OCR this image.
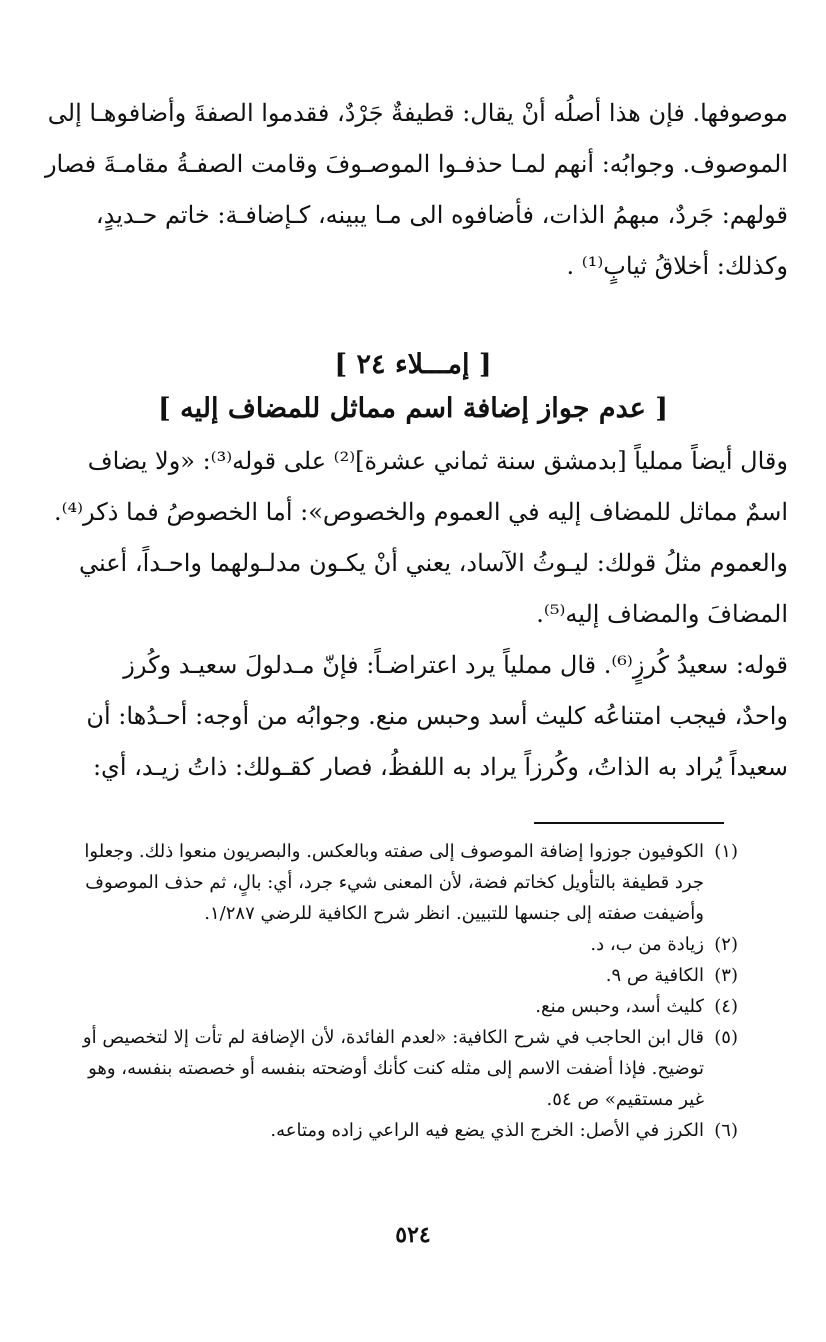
موصوفها. فإن هذا أصلُه أنْ يقال: قطيفةٌ جَرْدٌ، فقدموا الصفةَ وأضافوهـا إلى
الموصوف. وجوابُه: أنهم لمـا حذفـوا الموصـوفَ وقامت الصفـةُ مقامـةَ فصار
قولهم: جَردٌ، مبهمُ الذات، فأضافوه الى مـا يبينه، كـإضافـة: خاتم حـديدٍ،
وكذلك: أخلاقُ ثيابٍ⁽¹⁾ .

[ إمـــلاء ٢٤ ]

[ عدم جواز إضافة اسم مماثل للمضاف إليه ]

وقال أيضاً مملياً [بدمشق سنة ثماني عشرة]⁽²⁾ على قوله⁽³⁾: «ولا يضاف
اسمٌ مماثل للمضاف إليه في العموم والخصوص»: أما الخصوصُ فما ذكر⁽⁴⁾.
والعموم مثلُ قولك: ليـوثُ الآساد، يعني أنْ يكـون مدلـولهما واحـداً، أعني
المضافَ والمضاف إليه⁽⁵⁾.

قوله: سعيدُ كُرزٍ⁽⁶⁾. قال مملياً يرد اعتراضـاً: فإنّ مـدلولَ سعيـد وكُرز
واحدٌ، فيجب امتناعُه كليث أسد وحبس منع. وجوابُه من أوجه: أحـدُها: أن
سعيداً يُراد به الذاتُ، وكُرزاً يراد به اللفظُ، فصار كقـولك: ذاتُ زيـد، أي:

(١)
الكوفيون جوزوا إضافة الموصوف إلى صفته وبالعكس. والبصريون منعوا ذلك. وجعلوا
جرد قطيفة بالتأويل كخاتم فضة، لأن المعنى شيء جرد، أي: بالٍ، ثم حذف الموصوف
وأضيفت صفته إلى جنسها للتبيين. انظر شرح الكافية للرضي ١/٢٨٧.
(٢)
زيادة من ب، د.
(٣)
الكافية ص ٩.
(٤)
كليث أسد، وحبس منع.
(٥)
قال ابن الحاجب في شرح الكافية: «لعدم الفائدة، لأن الإضافة لم تأت إلا لتخصيص أو
توضيح. فإذا أضفت الاسم إلى مثله كنت كأنك أوضحته بنفسه أو خصصته بنفسه، وهو
غير مستقيم» ص ٥٤.
(٦)
الكرز في الأصل: الخرج الذي يضع فيه الراعي زاده ومتاعه.
٥٢٤
